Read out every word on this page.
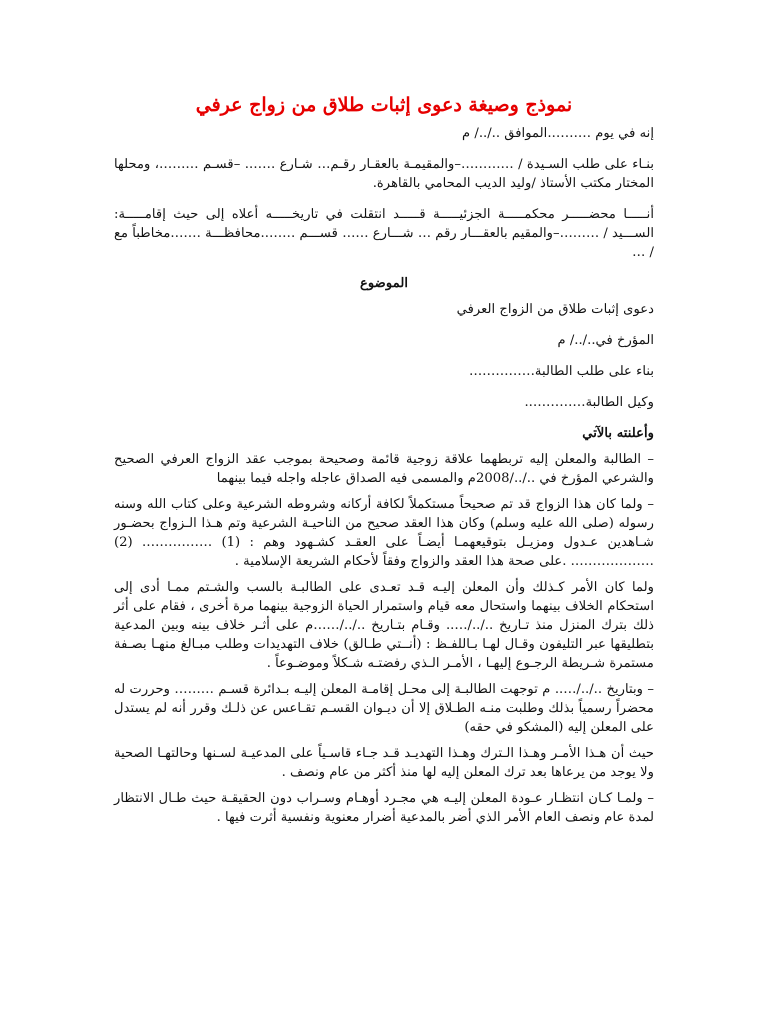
نموذج وصيغة دعوى إثبات طلاق من زواج عرفي

إنه في يوم ……….الموافق ../../ م

بنـاء على طلب السـيدة / …………–والمقيمـة بالعقـار رقـم… شـارع ……. –قسـم ………، ومحلها المختار مكتب الأستاذ /وليد الديب المحامي بالقاهرة.

أنـــــا محضـــــر محكمـــــة الجزئيـــــة قـــــد انتقلت في تاريخـــــه أعلاه إلى حيث إقامـــــة: الســـيد / ………–والمقيم بالعقـــار رقم … شـــارع …… قســـم ……..محافظـــة …….مخاطباً مع / …

الموضوع

دعوى إثبات طلاق من الزواج العرفي

المؤرخ في../../ م

بناء على طلب الطالبة……………

وكيل الطالبة…………..

وأعلنته بالآتي

– الطالبة والمعلن إليه تربطهما علاقة زوجية قائمة وصحيحة بموجب عقد الزواج العرفي الصحيح والشرعي المؤرخ في ../../2008م والمسمى فيه الصداق عاجله واجله فيما بينهما

– ولما كان هذا الزواج قد تم صحيحاً مستكملاً لكافة أركانه وشروطه الشرعية وعلى كتاب الله وسنه رسوله (صلى الله عليه وسلم) وكان هذا العقد صحيح من الناحيـة الشرعية وتم هـذا الـزواج بحضـور شـاهدين عـدول ومزيـل بتوقيعهمـا أيضـاً على العقـد كشـهود وهم : (1) ……………. (2) ………………. .على صحة هذا العقد والزواج وفقاً لأحكام الشريعة الإسلامية .

ولما كان الأمر كـذلك وأن المعلن إليـه قـد تعـدى على الطالبـة بالسب والشـتم ممـا أدى إلى استحكام الخلاف بينهما واستحال معه قيام واستمرار الحياة الزوجية بينهما مرة أخرى ، فقام على أثر ذلك بترك المنزل منذ تـاريخ ../../….. وقـام بتـاريخ ../../……م على أثـر خلاف بينه وبين المدعية بتطليقها عبر التليفون وقـال لهـا بـاللفـظ : (أنــتي طـالق) خلاف التهديدات وطلب مبـالغ منهـا بصـفة مستمرة شـريطة الرجـوع إليهـا ، الأمـر الـذي رفضتـه شـكلاً وموضـوعاً .

– وبتاريخ ../../….. م توجهت الطالبـة إلى محـل إقامـة المعلن إليـه بـدائرة قسـم ……… وحررت له محضراً رسمياً بذلك وطلبت منـه الطـلاق إلا أن ديـوان القسـم تقـاعس عن ذلـك وقرر أنه لم يستدل على المعلن إليه (المشكو في حقه)

حيث أن هـذا الأمـر وهـذا الـترك وهـذا التهديـد قـد جـاء قاسـياً على المدعيـة لسـنها وحالتهـا الصحية ولا يوجد من يرعاها بعد ترك المعلن إليه لها منذ أكثر من عام ونصف .

– ولمـا كـان انتظـار عـودة المعلن إليـه هي مجـرد أوهـام وسـراب دون الحقيقـة حيث طـال الانتظار لمدة عام ونصف العام الأمر الذي أضر بالمدعية أضرار معنوية ونفسية أثرت فيها .
